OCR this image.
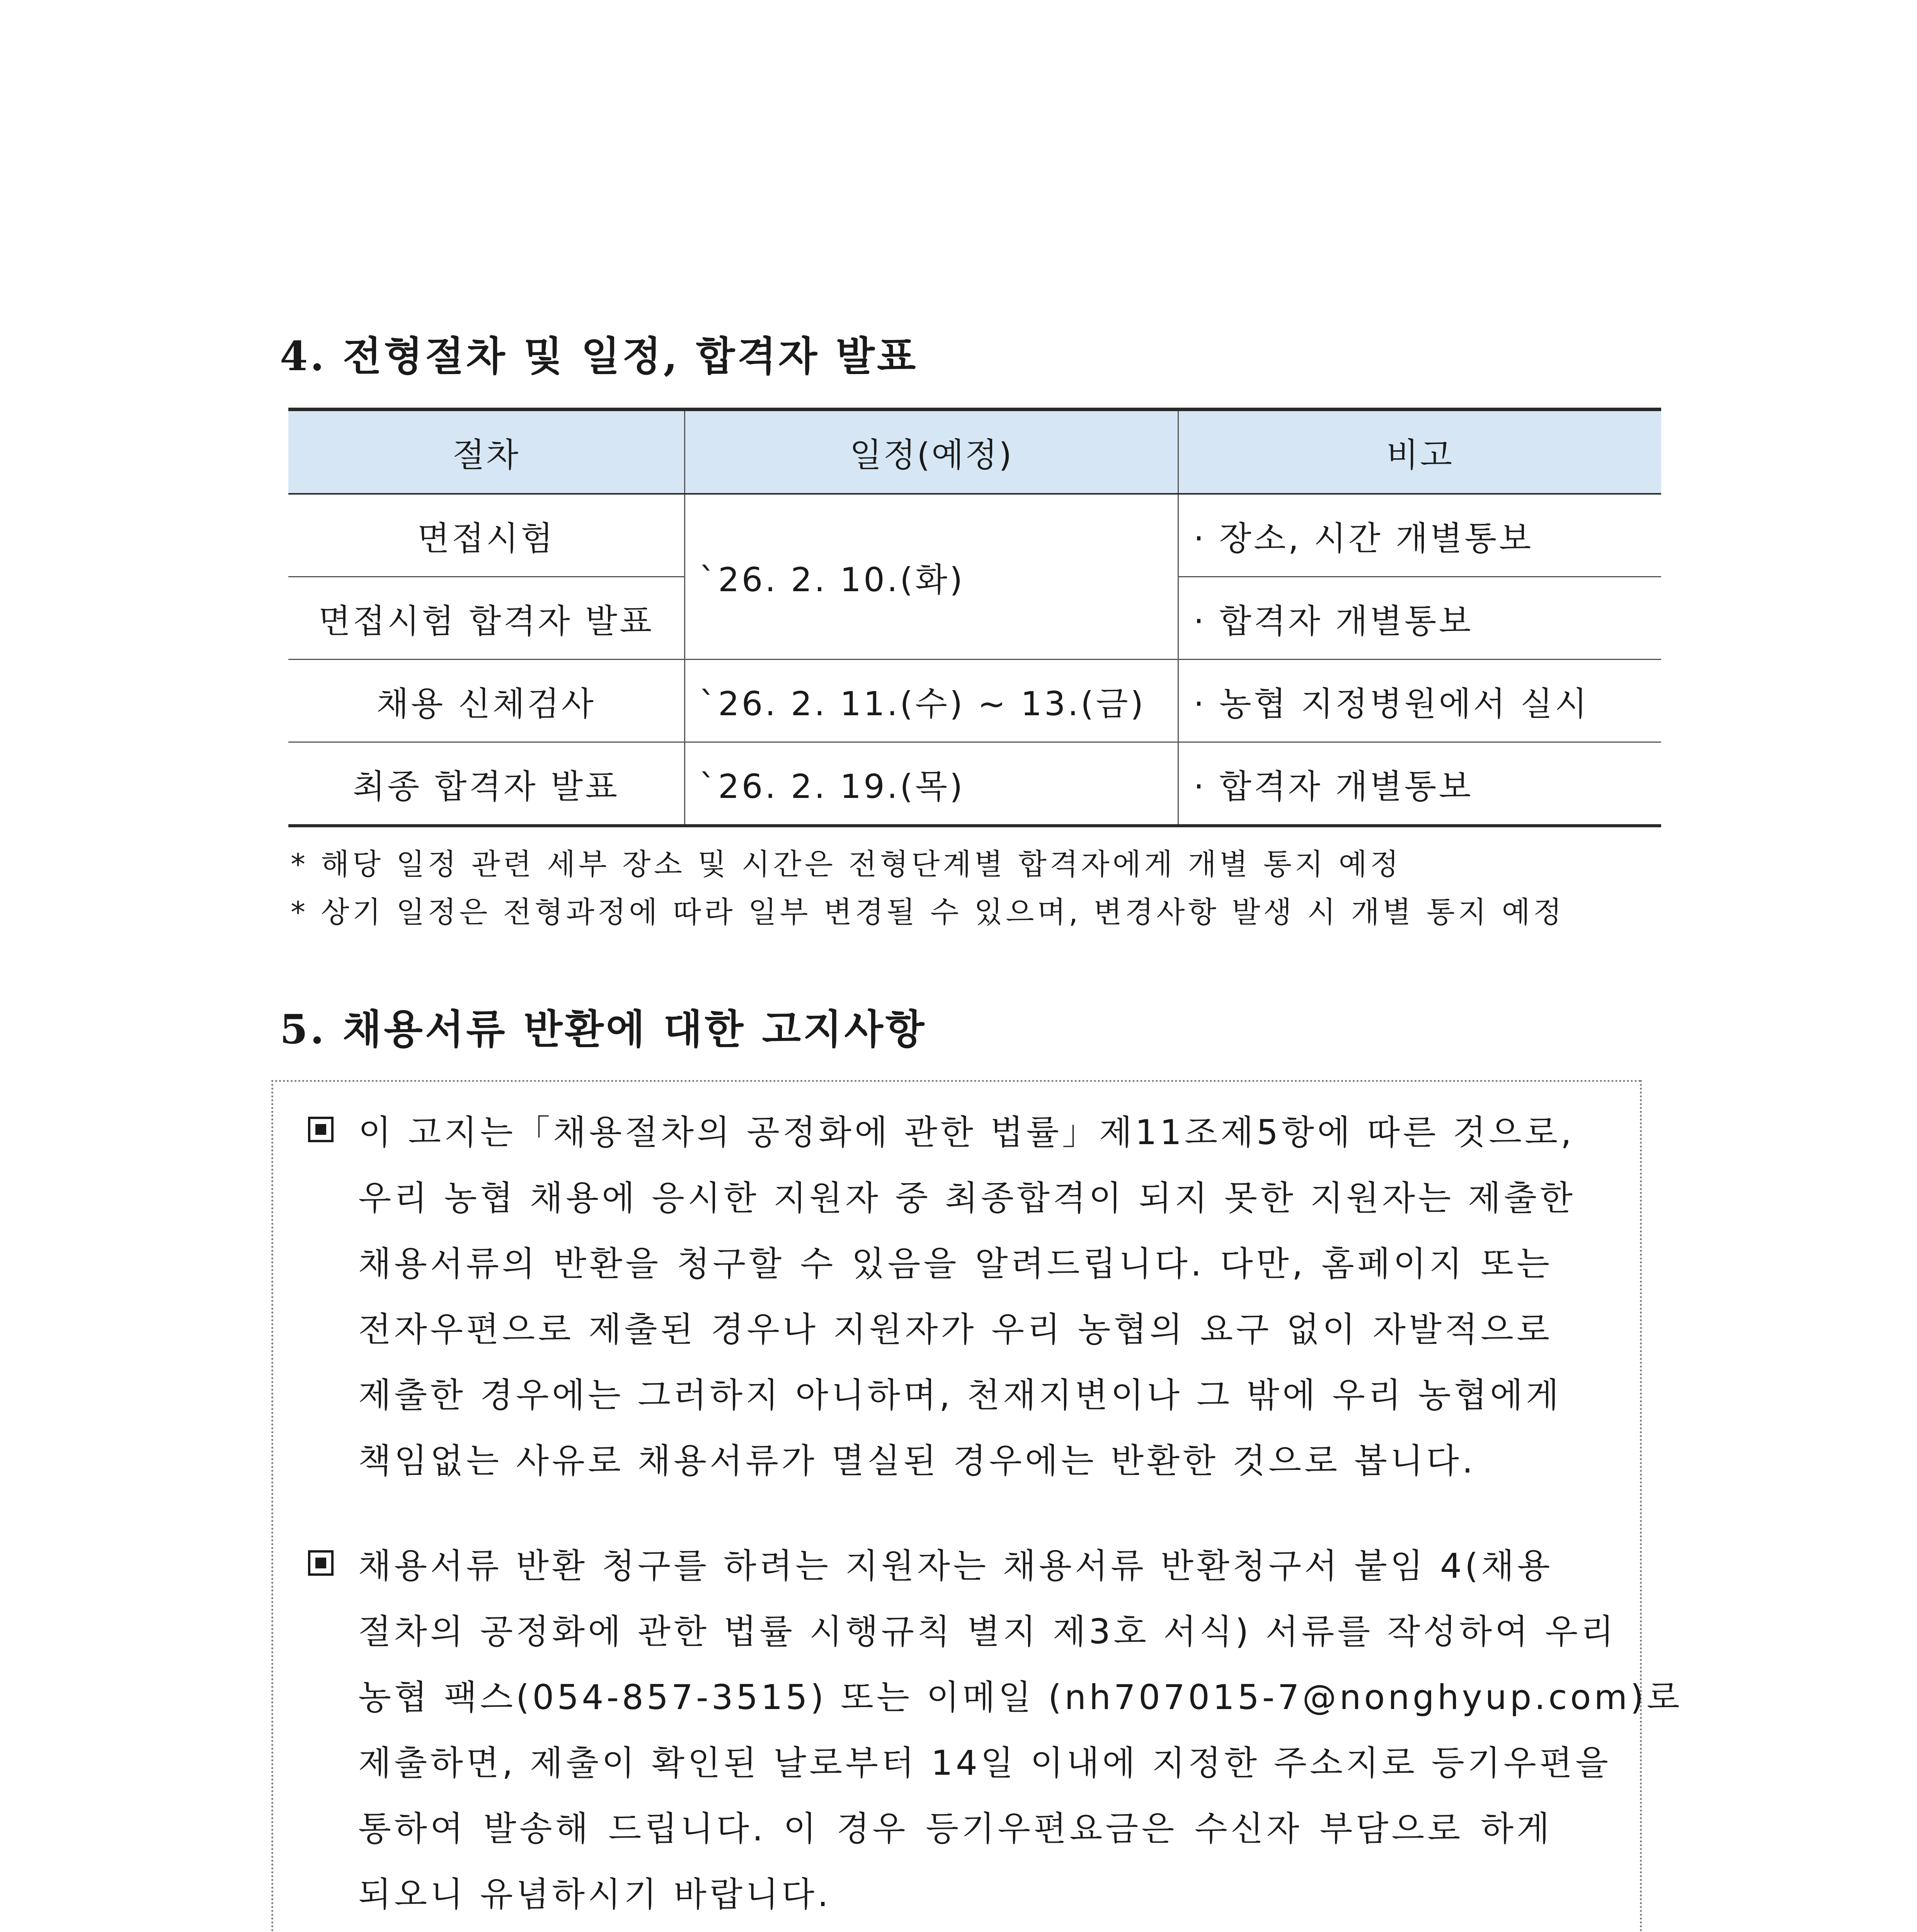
4. 전형절차 및 일정, 합격자 발표
절차	일정(예정)	비고
면접시험	`26. 2. 10.(화)	· 장소, 시간 개별통보
면접시험 합격자 발표		· 합격자 개별통보
채용 신체검사	`26. 2. 11.(수) ~ 13.(금)	· 농협 지정병원에서 실시
최종 합격자 발표	`26. 2. 19.(목)	· 합격자 개별통보
* 해당 일정 관련 세부 장소 및 시간은 전형단계별 합격자에게 개별 통지 예정
* 상기 일정은 전형과정에 따라 일부 변경될 수 있으며, 변경사항 발생 시 개별 통지 예정
5. 채용서류 반환에 대한 고지사항
이 고지는「채용절차의 공정화에 관한 법률」제11조제5항에 따른 것으로,
우리 농협 채용에 응시한 지원자 중 최종합격이 되지 못한 지원자는 제출한
채용서류의 반환을 청구할 수 있음을 알려드립니다. 다만, 홈페이지 또는
전자우편으로 제출된 경우나 지원자가 우리 농협의 요구 없이 자발적으로
제출한 경우에는 그러하지 아니하며, 천재지변이나 그 밖에 우리 농협에게
책임없는 사유로 채용서류가 멸실된 경우에는 반환한 것으로 봅니다.
채용서류 반환 청구를 하려는 지원자는 채용서류 반환청구서 붙임 4(채용
절차의 공정화에 관한 법률 시행규칙 별지 제3호 서식) 서류를 작성하여 우리
농협 팩스(054-857-3515) 또는 이메일 (nh707015-7@nonghyup.com)로
제출하면, 제출이 확인된 날로부터 14일 이내에 지정한 주소지로 등기우편을
통하여 발송해 드립니다. 이 경우 등기우편요금은 수신자 부담으로 하게
되오니 유념하시기 바랍니다.
